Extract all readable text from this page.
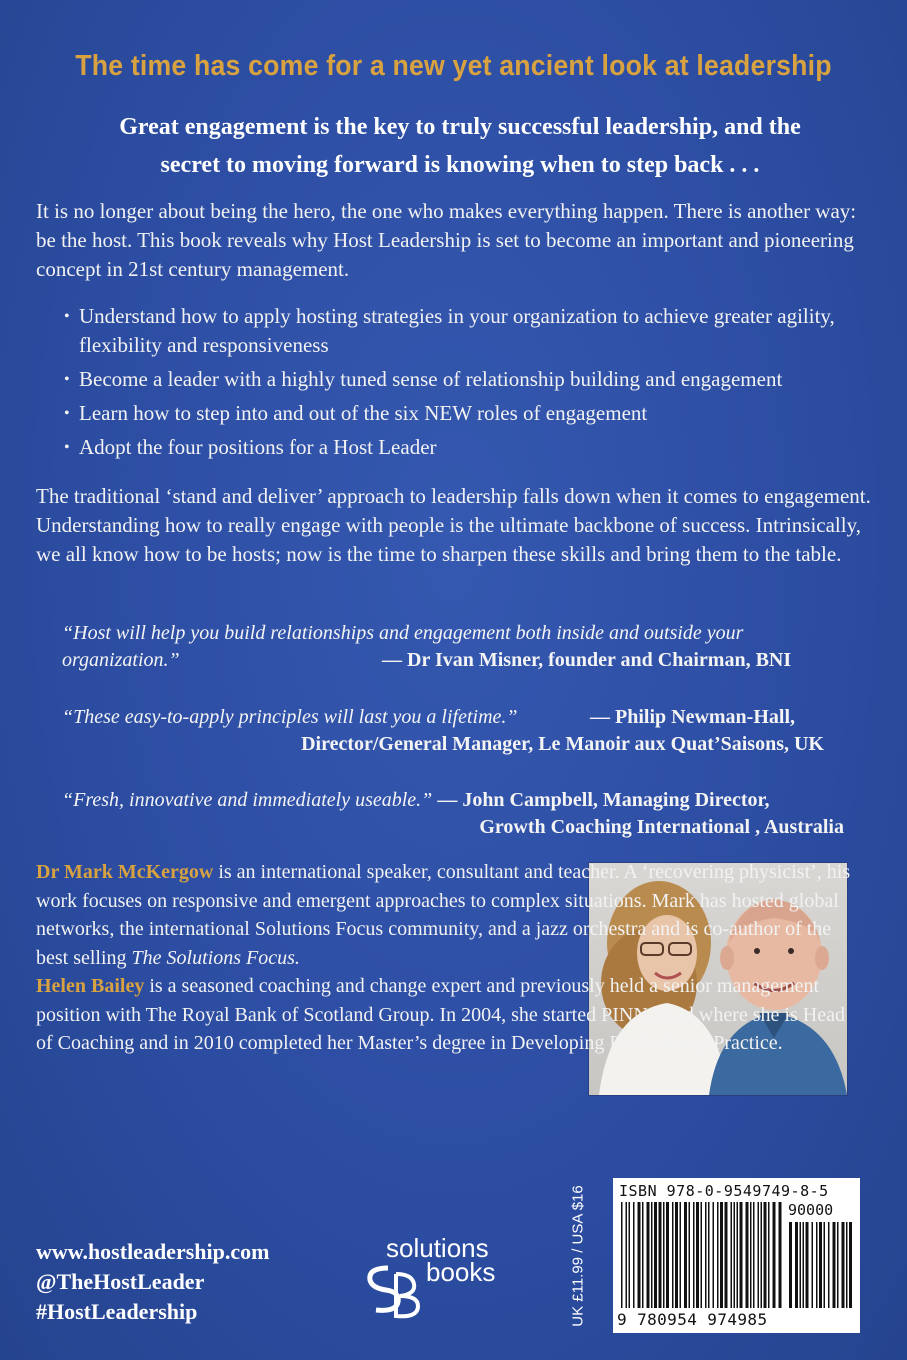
The time has come for a new yet ancient look at leadership
Great engagement is the key to truly successful leadership, and the secret to moving forward is knowing when to step back . . .
It is no longer about being the hero, the one who makes everything happen. There is another way: be the host. This book reveals why Host Leadership is set to become an important and pioneering concept in 21st century management.
• Understand how to apply hosting strategies in your organization to achieve greater agility, flexibility and responsiveness
• Become a leader with a highly tuned sense of relationship building and engagement
• Learn how to step into and out of the six NEW roles of engagement
• Adopt the four positions for a Host Leader
The traditional ‘stand and deliver’ approach to leadership falls down when it comes to engagement. Understanding how to really engage with people is the ultimate backbone of success. Intrinsically, we all know how to be hosts; now is the time to sharpen these skills and bring them to the table.
“Host will help you build relationships and engagement both inside and outside your organization.”	— Dr Ivan Misner, founder and Chairman, BNI
“These easy-to-apply principles will last you a lifetime.”	— Philip Newman-Hall,
Director/General Manager, Le Manoir aux Quat’Saisons, UK
“Fresh, innovative and immediately useable.” — John Campbell, Managing Director,
Growth Coaching International , Australia
Dr Mark McKergow is an international speaker, consultant and teacher. A ‘recovering physicist’, his work focuses on responsive and emergent approaches to complex situations. Mark has hosted global networks, the international Solutions Focus community, and a jazz orchestra and is co-author of the best selling The Solutions Focus.
Helen Bailey is a seasoned coaching and change expert and previously held a senior management position with The Royal Bank of Scotland Group. In 2004, she started PINNA Ltd where she is Head of Coaching and in 2010 completed her Master’s degree in Developing Professional Practice.
www.hostleadership.com
@TheHostLeader
#HostLeadership
solutions
books	UK £11.99 / USA $16 ISBN 978-0-9549749-8-5
90000
9 780954 974985
